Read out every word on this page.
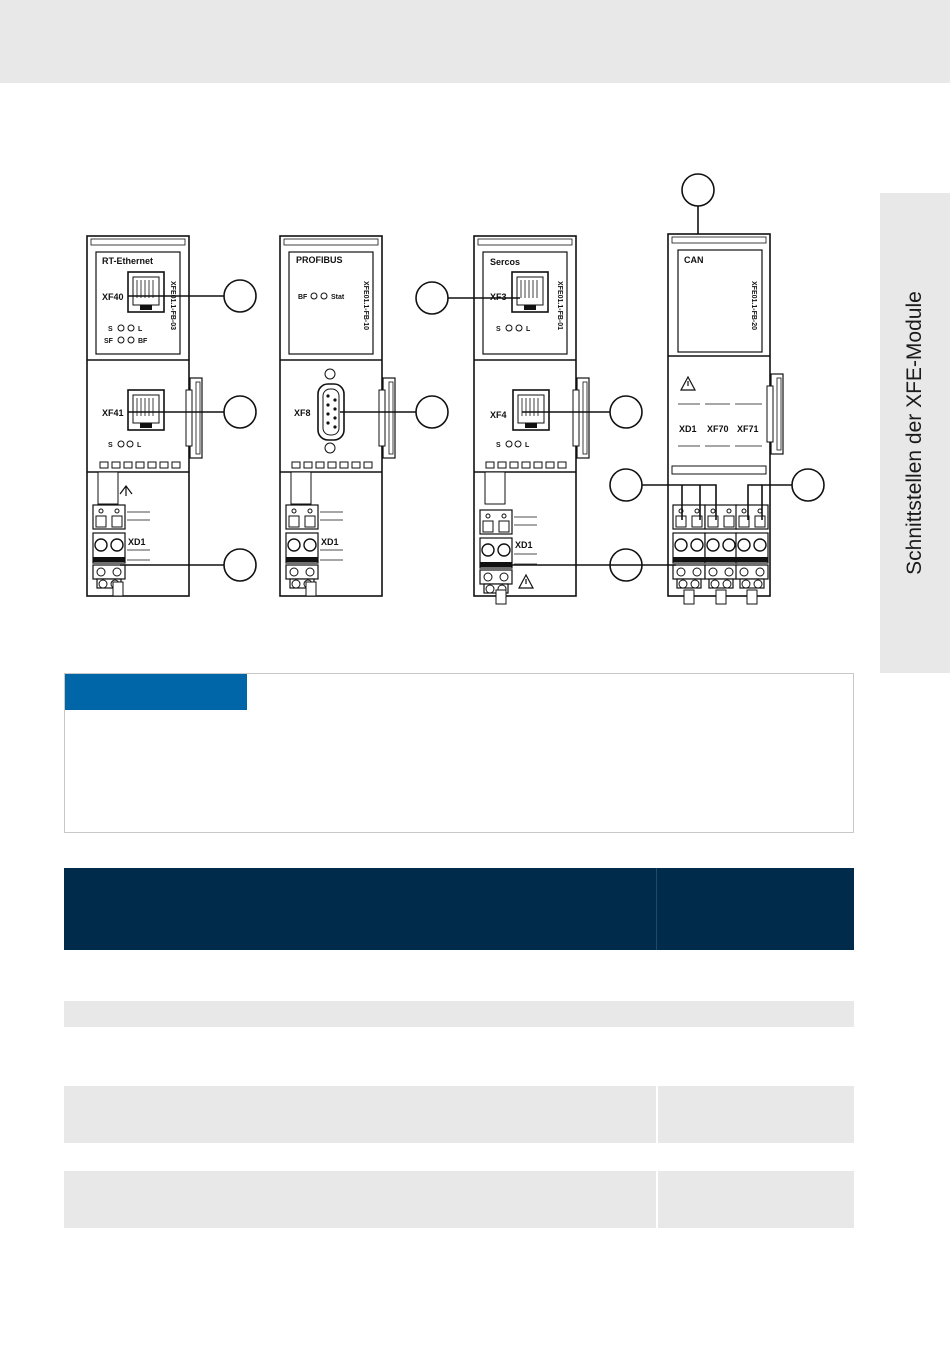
Schnittstellen der XFE-Module
RT-Ethernet
XF40	XFE01.1-FB-03
S	L
SF	BF
XF41
S	L
XD1
PROFIBUS
XFE01.1-FB-10
BF	Stat
XF8
XD1
Sercos
XF3	XFE01.1-FB-01
S	L
XF4
S	L
XD1
CAN
XFE01.1-FB-20
XD1 XF70 XF71
